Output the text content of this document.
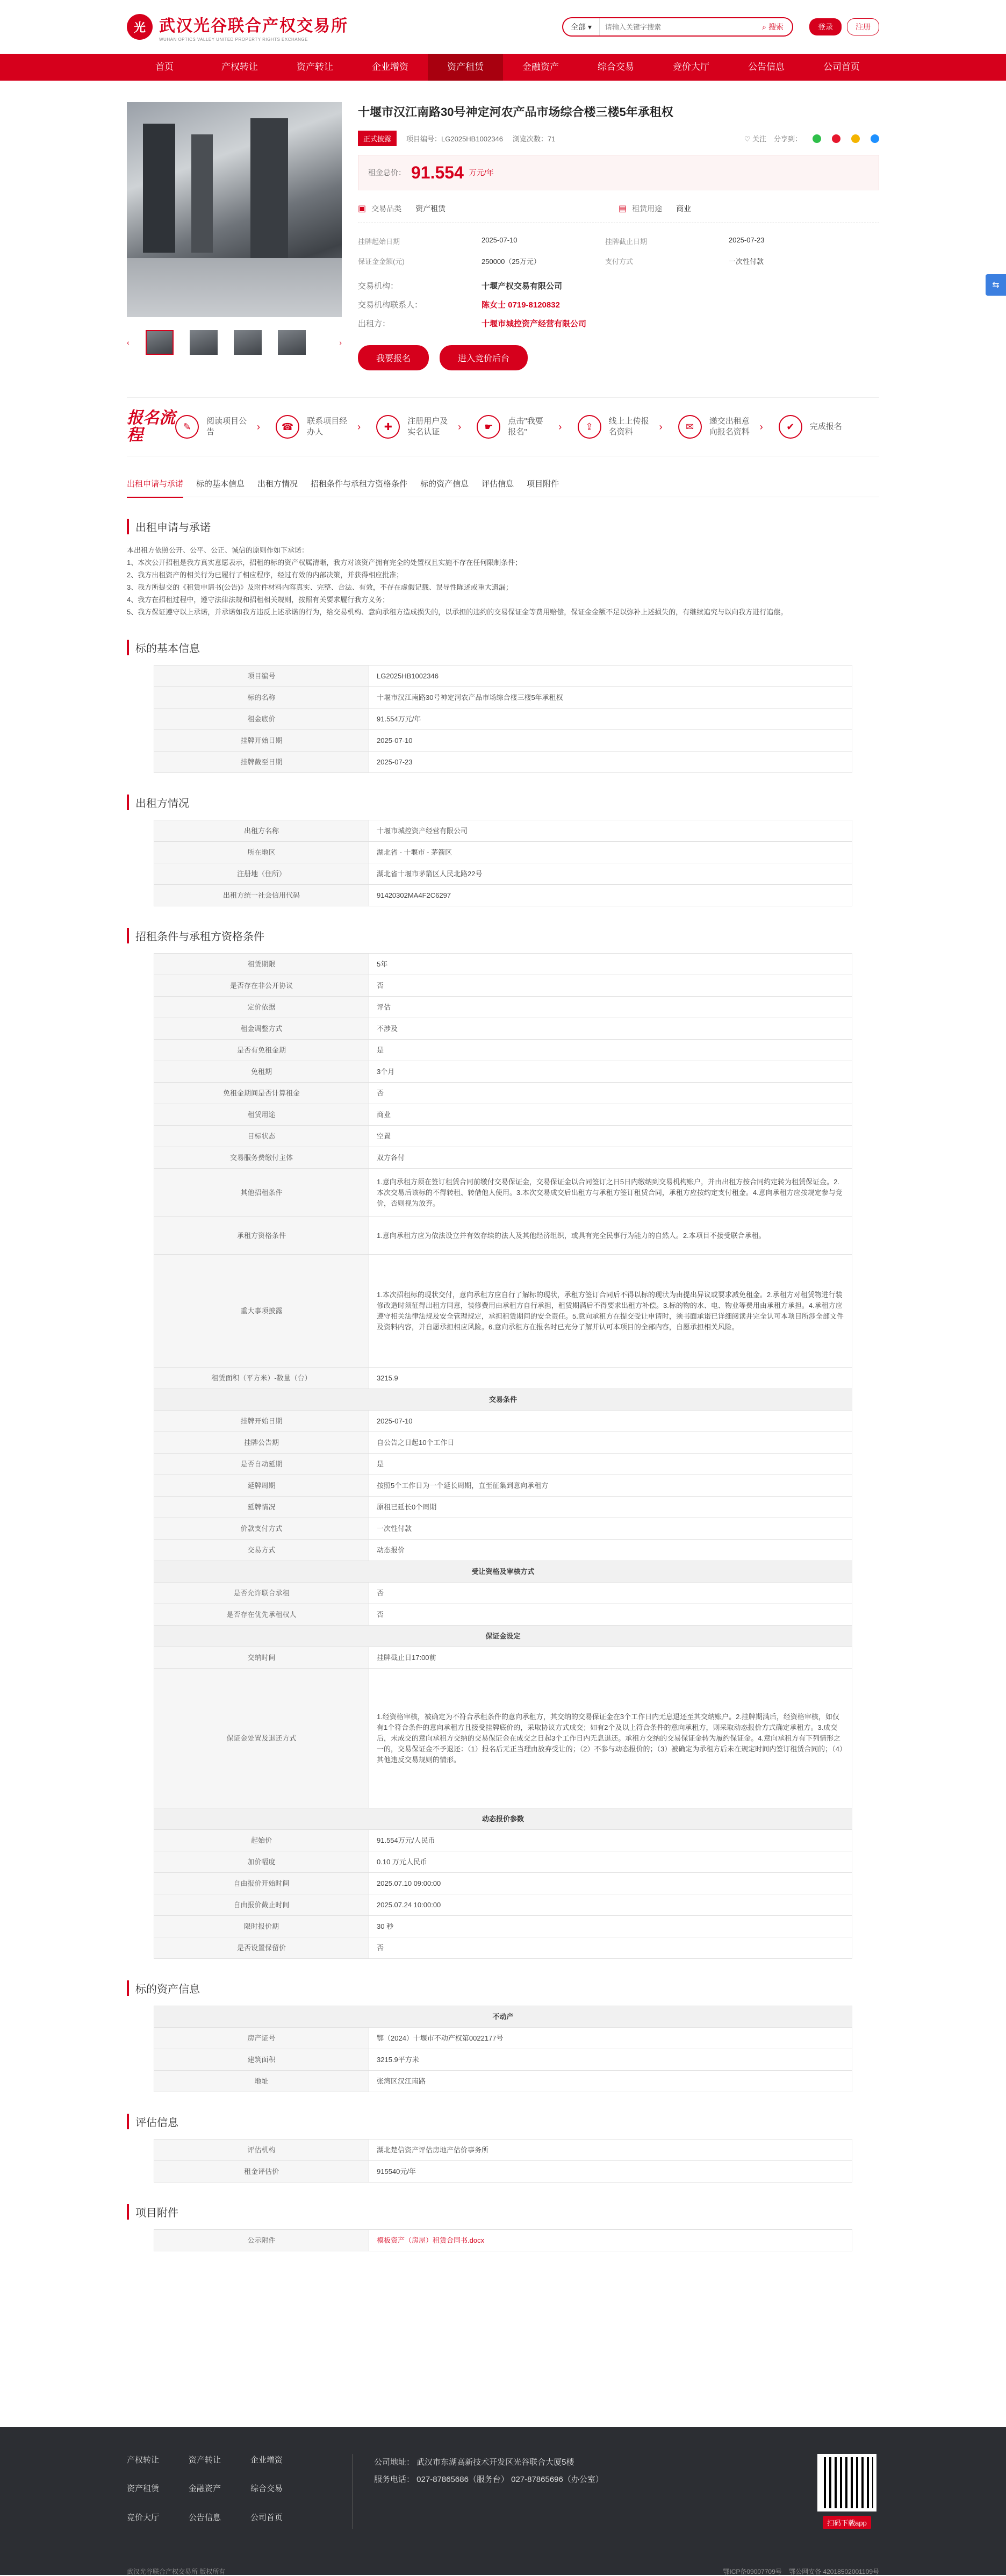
光 武汉光谷联合产权交易所
WUHAN OPTICS VALLEY UNITED PROPERTY RIGHTS EXCHANGE
全部 ▾
请输入关键字搜索	⌕ 搜索	登录	注册
首页	产权转让	资产转让	企业增资	资产租赁	金融资产	综合交易	竞价大厅	公告信息	公司首页
‹	›
十堰市汉江南路30号神定河农产品市场综合楼三楼5年承租权
正式披露	项目编号：LG2025HB1002346 浏览次数：71	♡ 关注 分享到：
租金总价： 91.554 万元/年
▣ 交易品类 资产租赁	▤ 租赁用途 商业
挂牌起始日期	2025-07-10	挂牌截止日期	2025-07-23
保证金金额(元)	250000（25万元）	支付方式	一次性付款
交易机构：	十堰产权交易有限公司
交易机构联系人：	陈女士 0719-8120832
出租方：	十堰市城控资产经营有限公司
我要报名	进入竞价后台
报名流程	✎	阅读项目公告	›	☎	联系项目经办人	›	✚	注册用户及实名认证	›	☛	点击"我要报名"	›	⇪	线上上传报名资料	›	✉	递交出租意向报名资料 ›	✔	完成报名
出租申请与承诺 标的基本信息 出租方情况 招租条件与承租方资格条件 标的资产信息 评估信息 项目附件
出租申请与承诺
本出租方依照公开、公平、公正、诚信的原则作如下承诺：
1、本次公开招租是我方真实意愿表示，招租的标的资产权属清晰，我方对该资产拥有完全的处置权且实施不存在任何限制条件；
2、我方出租资产的相关行为已履行了相应程序，经过有效的内部决策，并获得相应批准；
3、我方所提交的《租赁申请书(公告)》及附件材料内容真实、完整、合法、有效，不存在虚假记载、误导性陈述或重大遗漏；
4、我方在招租过程中，遵守法律法规和招租相关规则，按照有关要求履行我方义务；
5、我方保证遵守以上承诺，并承诺如我方违反上述承诺的行为，给交易机构、意向承租方造成损失的，以承担的违约的交易保证金等费用赔偿，保证金金额不足以弥补上述损失的，有继续追究与以向我方进行追偿。
标的基本信息
项目编号	LG2025HB1002346
标的名称	十堰市汉江南路30号神定河农产品市场综合楼三楼5年承租权
租金底价	91.554万元/年
挂牌开始日期	2025-07-10
挂牌截至日期	2025-07-23
出租方情况
出租方名称	十堰市城控资产经营有限公司
所在地区	湖北省 - 十堰市 - 茅箭区
注册地（住所）	湖北省十堰市茅箭区人民北路22号
出租方统一社会信用代码	91420302MA4F2C6297
招租条件与承租方资格条件
租赁期限	5年
是否存在非公开协议	否
定价依据	评估
租金调整方式	不涉及
是否有免租金期	是
免租期	3个月
免租金期间是否计算租金	否
租赁用途	商业
目标状态	空置
交易服务费缴付主体	双方各付
其他招租条件	1.意向承租方须在签订租赁合同前缴付交易保证金，交易保证金以合同签订之日5日内缴纳到交易机构账户，并由出租方按合同约定转为租赁保证金。2.本次交易后该标的不得转租、转借他人使用。3.本次交易成交后出租方与承租方签订租赁合同，承租方应按约定支付租金。4.意向承租方应按规定参与竞价，否则视为放弃。
承租方资格条件	1.意向承租方应为依法设立并有效存续的法人及其他经济组织，或具有完全民事行为能力的自然人。2.本项目不接受联合承租。
重大事项披露	1.本次招租标的现状交付，意向承租方应自行了解标的现状，承租方签订合同后不得以标的现状为由提出异议或要求减免租金。2.承租方对租赁物进行装修改造时须征得出租方同意，装修费用由承租方自行承担，租赁期满后不得要求出租方补偿。3.标的物的水、电、物业等费用由承租方承担。4.承租方应遵守相关法律法规及安全管理规定，承担租赁期间的安全责任。5.意向承租方在提交受让申请时，须书面承诺已详细阅读并完全认可本项目所涉全部文件及资料内容，并自愿承担相应风险。6.意向承租方在报名时已充分了解并认可本项目的全部内容，自愿承担相关风险。
租赁面积（平方米）-数量（台）	3215.9
交易条件	
挂牌开始日期	2025-07-10
挂牌公告期	自公告之日起10个工作日
是否自动延期	是
延牌周期	按照5个工作日为一个延长周期，直至征集到意向承租方
延牌情况	原租已延长0个周期
价款支付方式	一次性付款
交易方式	动态报价
受让资格及审核方式	
是否允许联合承租	否
是否存在优先承租权人	否
保证金设定	
交纳时间	挂牌截止日17:00前
保证金处置及退还方式	1.经资格审核，被确定为不符合承租条件的意向承租方，其交纳的交易保证金在3个工作日内无息退还至其交纳账户。2.挂牌期满后，经资格审核，如仅有1个符合条件的意向承租方且接受挂牌底价的，采取协议方式成交；如有2个及以上符合条件的意向承租方，则采取动态报价方式确定承租方。3.成交后，未成交的意向承租方交纳的交易保证金在成交之日起3个工作日内无息退还。承租方交纳的交易保证金转为履约保证金。4.意向承租方有下列情形之一的，交易保证金不予退还：（1）报名后无正当理由放弃受让的；（2）不参与动态报价的；（3）被确定为承租方后未在规定时间内签订租赁合同的；（4）其他违反交易规则的情形。
动态报价参数	
起始价	91.554万元/人民币
加价幅度	0.10 万元人民币
自由报价开始时间	2025.07.10 09:00:00
自由报价截止时间	2025.07.24 10:00:00
限时报价期	30 秒
是否设置保留价	否
标的资产信息
不动产	
房产证号	鄂（2024）十堰市不动产权第0022177号
建筑面积	3215.9平方米
地址	张湾区汉江南路
评估信息
评估机构	湖北楚信资产评估房地产估价事务所
租金评估价	915540元/年
项目附件
公示附件	模板资产（房屋）租赁合同书.docx
⇆
产权转让	资产转让	企业增资
资产租赁	金融资产	综合交易
竞价大厅	公告信息	公司首页
公司地址： 武汉市东湖高新技术开发区光谷联合大厦5楼
服务电话： 027-87865686（服务台） 027-87865696（办公室）
扫码下载app
武汉光谷联合产权交易所 版权所有	鄂ICP备09007709号 鄂公网安备 42018502001109号
